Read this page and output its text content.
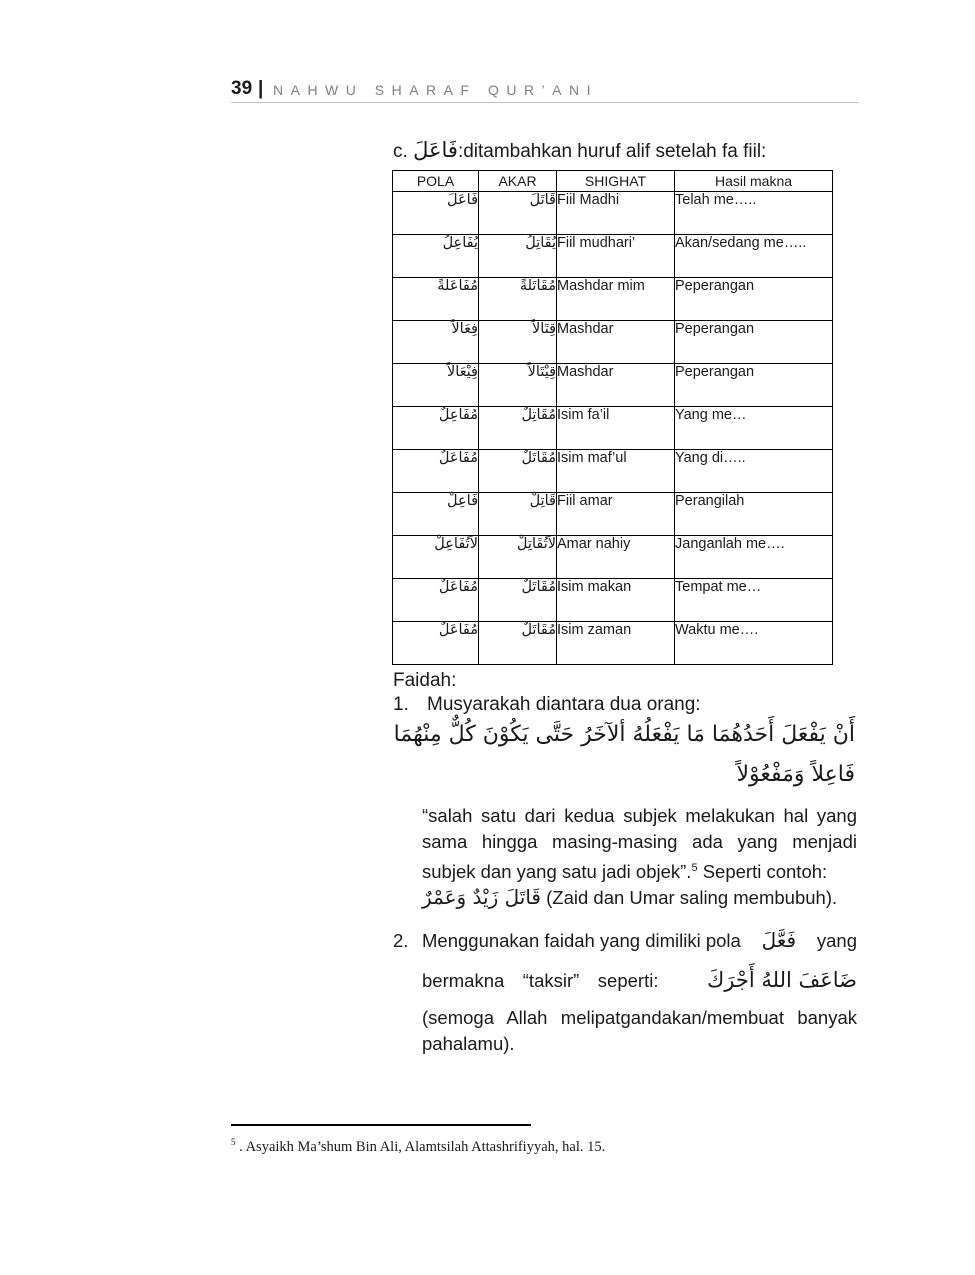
39 | NAHWU SHARAF QUR’ANI
c. فَاعَلَ:ditambahkan huruf alif setelah fa fiil:
POLA	AKAR	SHIGHAT	Hasil makna
فَاعَلَ	قَاتَلَ	Fiil Madhi	Telah me…..
يُفَاعِلُ	يُقَاتِلُ	Fiil mudhari’	Akan/sedang me…..
مُفَاعَلَةً	مُقَاتَلَةً	Mashdar mim	Peperangan
فِعَالاً	قِتَالاً	Mashdar	Peperangan
فِيْعَالاً	قِيْتَالاً	Mashdar	Peperangan
مُفَاعِلٌ	مُقَاتِلٌ	Isim fa’il	Yang me…
مُفَاعَلٌ	مُقَاتَلٌ	Isim maf’ul	Yang di…..
فَاعِلْ	قَاتِلْ	Fiil amar	Perangilah
لاَتُفَاعِلْ	لاَتُقَاتِلْ	Amar nahiy	Janganlah me….
مُفَاعَلٌ	مُقَاتَلٌ	Isim makan	Tempat me…
مُفَاعَلٌ	مُقَاتَلٌ	Isim zaman	Waktu me….
Faidah:
1. Musyarakah diantara dua orang:
أَنْ يَفْعَلَ أَحَدُهُمَا مَا يَفْعَلُهُ ألآخَرُ حَتَّى يَكُوْنَ كُلٌّ مِنْهُمَا
فَاعِلاً وَمَفْعُوْلاً
“salah satu dari kedua subjek melakukan hal yang sama hingga masing-masing ada yang menjadi subjek dan yang satu jadi objek”.$^5$ Seperti contoh:
قَاتَلَ زَيْدٌ وَعَمْرٌ (Zaid dan Umar saling membubuh).
2. Menggunakan faidah yang dimiliki pola فَعَّلَ yang
bermakna “taksir” seperti: ضَاعَفَ اللهُ أَجْرَكَ
(semoga Allah melipatgandakan/membuat banyak pahalamu).
$^5$ . Asyaikh Ma’shum Bin Ali, Alamtsilah Attashrifiyyah, hal. 15.
